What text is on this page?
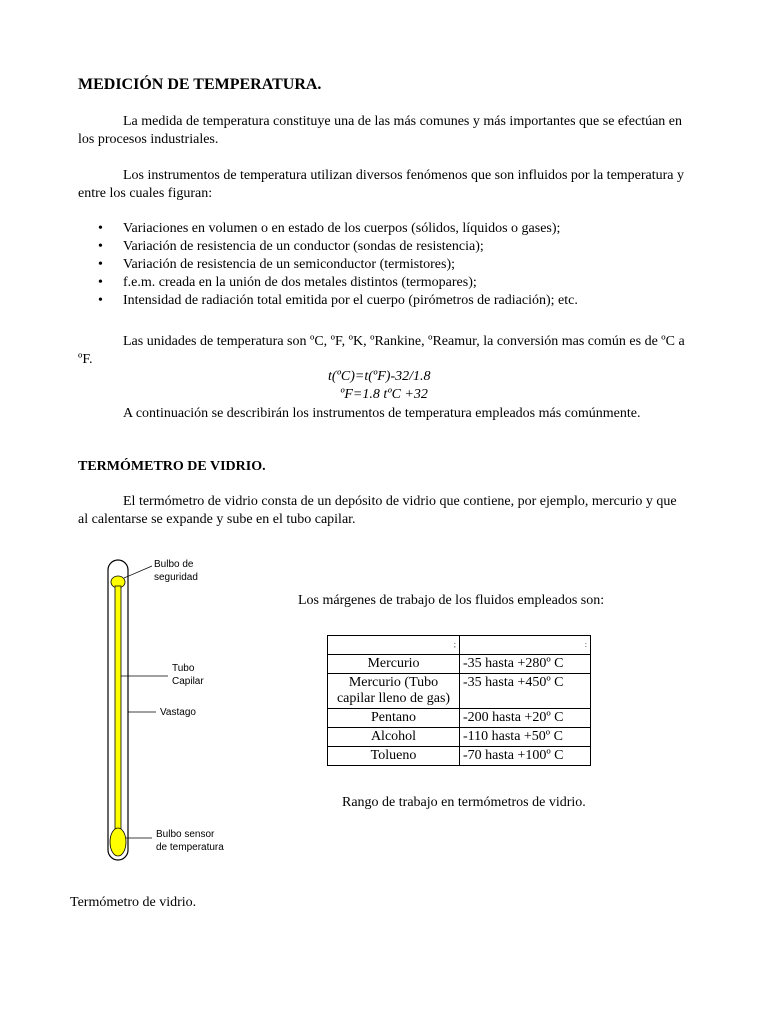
MEDICIÓN DE TEMPERATURA.
La medida de temperatura constituye una de las más comunes y más importantes que se efectúan en los procesos industriales.
Los instrumentos de temperatura utilizan diversos fenómenos que son influidos por la temperatura y entre los cuales figuran:
• Variaciones en volumen o en estado de los cuerpos (sólidos, líquidos o gases);
• Variación de resistencia de un conductor (sondas de resistencia);
• Variación de resistencia de un semiconductor (termistores);
• f.e.m. creada en la unión de dos metales distintos (termopares);
• Intensidad de radiación total emitida por el cuerpo (pirómetros de radiación); etc.
Las unidades de temperatura son ºC, ºF, ºK, ºRankine, ºReamur, la conversión mas común es de ºC a ºF.
t(ºC)=t(ºF)-32/1.8
ºF=1.8 tºC +32
A continuación se describirán los instrumentos de temperatura empleados más comúnmente.
TERMÓMETRO DE VIDRIO.
El termómetro de vidrio consta de un depósito de vidrio que contiene, por ejemplo, mercurio y que al calentarse se expande y sube en el tubo capilar.
Bulbo de
seguridad
Tubo
Capilar
Vastago
Bulbo sensor
de temperatura
Termómetro de vidrio.
Los márgenes de trabajo de los fluidos empleados son:
;	:
Mercurio	-35 hasta +280º C
Mercurio (Tubo capilar lleno de gas)	-35 hasta +450º C
Pentano	-200 hasta +20º C
Alcohol	-110 hasta +50º C
Tolueno	-70 hasta +100º C
Rango de trabajo en termómetros de vidrio.
